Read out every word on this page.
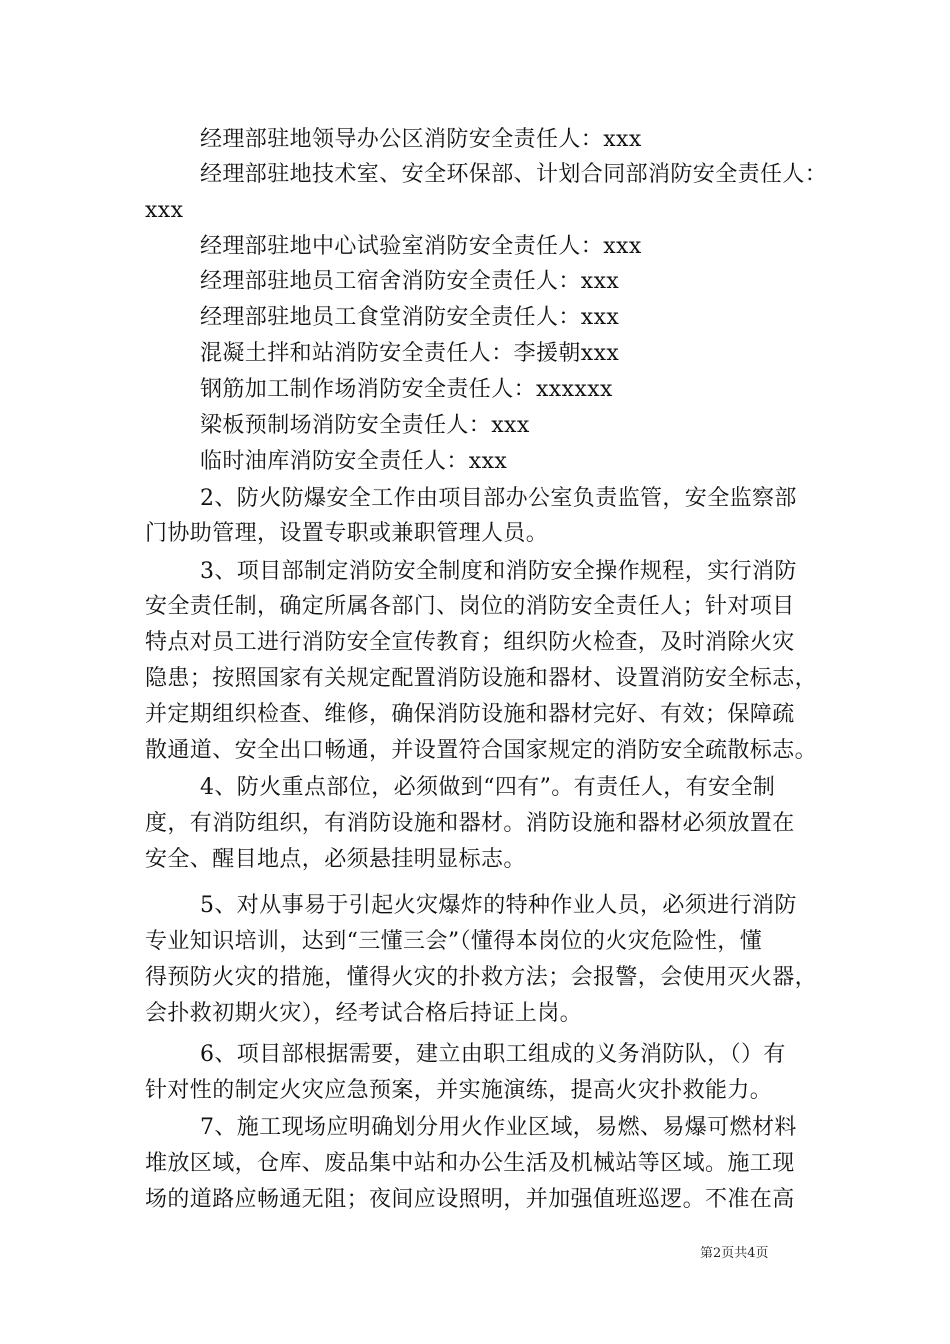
经理部驻地领导办公区消防安全责任人：xxx

经理部驻地技术室、安全环保部、计划合同部消防安全责任人：

xxx

经理部驻地中心试验室消防安全责任人：xxx

经理部驻地员工宿舍消防安全责任人：xxx

经理部驻地员工食堂消防安全责任人：xxx

混凝土拌和站消防安全责任人：李援朝xxx

钢筋加工制作场消防安全责任人：xxxxxx

梁板预制场消防安全责任人：xxx

临时油库消防安全责任人：xxx

2、防火防爆安全工作由项目部办公室负责监管，安全监察部

门协助管理，设置专职或兼职管理人员。

3、项目部制定消防安全制度和消防安全操作规程，实行消防

安全责任制，确定所属各部门、岗位的消防安全责任人；针对项目

特点对员工进行消防安全宣传教育；组织防火检查，及时消除火灾

隐患；按照国家有关规定配置消防设施和器材、设置消防安全标志，

并定期组织检查、维修，确保消防设施和器材完好、有效；保障疏

散通道、安全出口畅通，并设置符合国家规定的消防安全疏散标志。

4、防火重点部位，必须做到“四有”。有责任人，有安全制

度，有消防组织，有消防设施和器材。消防设施和器材必须放置在

安全、醒目地点，必须悬挂明显标志。

5、对从事易于引起火灾爆炸的特种作业人员，必须进行消防

专业知识培训，达到“三懂三会”（懂得本岗位的火灾危险性，懂

得预防火灾的措施，懂得火灾的扑救方法；会报警，会使用灭火器，

会扑救初期火灾），经考试合格后持证上岗。

6、项目部根据需要，建立由职工组成的义务消防队，（）有

针对性的制定火灾应急预案，并实施演练，提高火灾扑救能力。

7、施工现场应明确划分用火作业区域，易燃、易爆可燃材料

堆放区域，仓库、废品集中站和办公生活及机械站等区域。施工现

场的道路应畅通无阻；夜间应设照明，并加强值班巡逻。不准在高

第2页共4页
